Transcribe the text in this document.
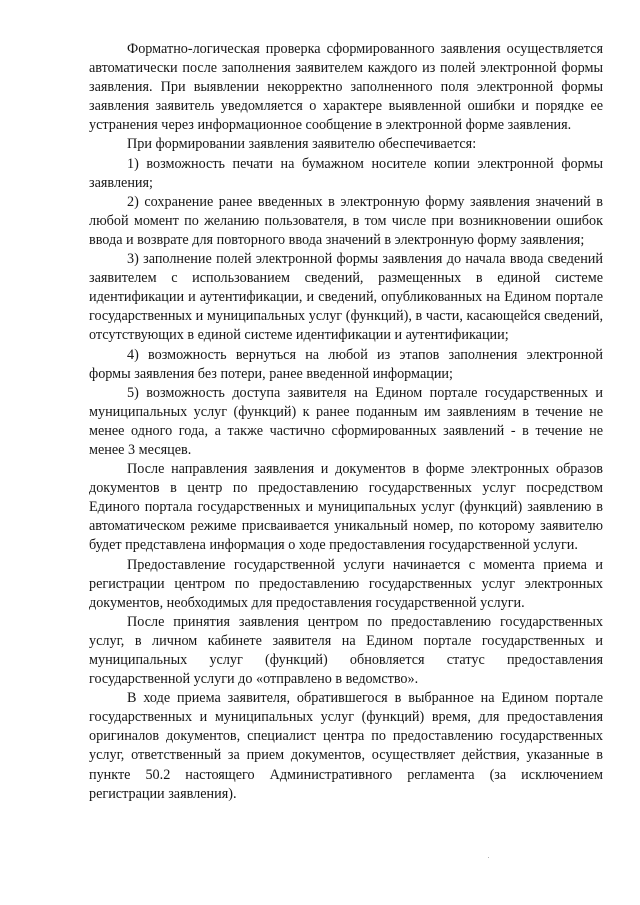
Форматно-логическая проверка сформированного заявления осуществляется автоматически после заполнения заявителем каждого из полей электронной формы заявления. При выявлении некорректно заполненного поля электронной формы заявления заявитель уведомляется о характере выявленной ошибки и порядке ее устранения через информационное сообщение в электронной форме заявления.

При формировании заявления заявителю обеспечивается:

1) возможность печати на бумажном носителе копии электронной формы заявления;

2) сохранение ранее введенных в электронную форму заявления значений в любой момент по желанию пользователя, в том числе при возникновении ошибок ввода и возврате для повторного ввода значений в электронную форму заявления;

3) заполнение полей электронной формы заявления до начала ввода сведений заявителем с использованием сведений, размещенных в единой системе идентификации и аутентификации, и сведений, опубликованных на Едином портале государственных и муниципальных услуг (функций), в части, касающейся сведений, отсутствующих в единой системе идентификации и аутентификации;

4) возможность вернуться на любой из этапов заполнения электронной формы заявления без потери, ранее введенной информации;

5) возможность доступа заявителя на Едином портале государственных и муниципальных услуг (функций) к ранее поданным им заявлениям в течение не менее одного года, а также частично сформированных заявлений - в течение не менее 3 месяцев.

После направления заявления и документов в форме электронных образов документов в центр по предоставлению государственных услуг посредством Единого портала государственных и муниципальных услуг (функций) заявлению в автоматическом режиме присваивается уникальный номер, по которому заявителю будет представлена информация о ходе предоставления государственной услуги.

Предоставление государственной услуги начинается с момента приема и регистрации центром по предоставлению государственных услуг электронных документов, необходимых для предоставления государственной услуги.

После принятия заявления центром по предоставлению государственных услуг, в личном кабинете заявителя на Едином портале государственных и муниципальных услуг (функций) обновляется статус предоставления государственной услуги до «отправлено в ведомство».

В ходе приема заявителя, обратившегося в выбранное на Едином портале государственных и муниципальных услуг (функций) время, для предоставления оригиналов документов, специалист центра по предоставлению государственных услуг, ответственный за прием документов, осуществляет действия, указанные в пункте 50.2 настоящего Административного регламента (за исключением регистрации заявления).
